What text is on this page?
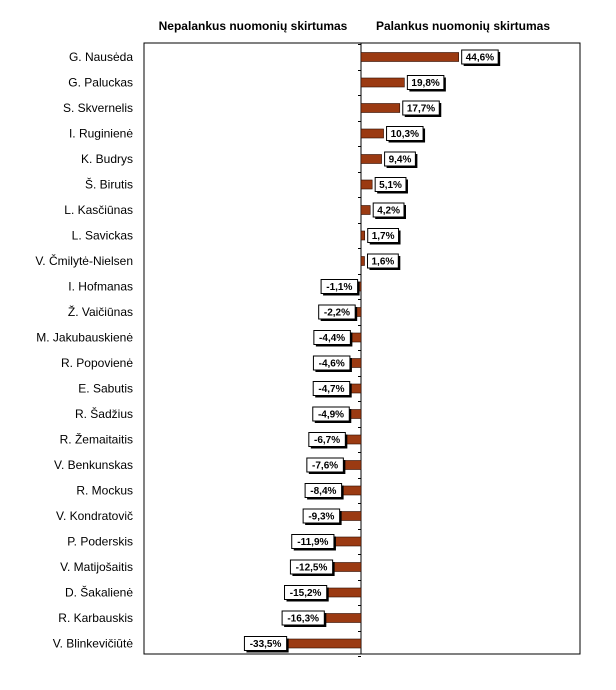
Nepalankus nuomonių skirtumas Palankus nuomonių skirtumas
G. Nausėda
G. Paluckas
S. Skvernelis
I. Ruginienė
K. Budrys
Š. Birutis
L. Kasčiūnas
L. Savickas
V. Čmilytė-Nielsen
I. Hofmanas
Ž. Vaičiūnas
M. Jakubauskienė
R. Popovienė
E. Sabutis
R. Šadžius
R. Žemaitaitis
V. Benkunskas
R. Mockus
V. Kondratovič
P. Poderskis
V. Matijošaitis
D. Šakalienė
R. Karbauskis
V. Blinkevičiūtė
44,6%
19,8%
17,7%
10,3%
9,4%
5,1%
4,2%
1,7%
1,6%
-1,1%
-2,2%
-4,4%
-4,6%
-4,7%
-4,9%
-6,7%
-7,6%
-8,4%
-9,3%
-11,9%
-12,5%
-15,2%
-16,3%
-33,5%
